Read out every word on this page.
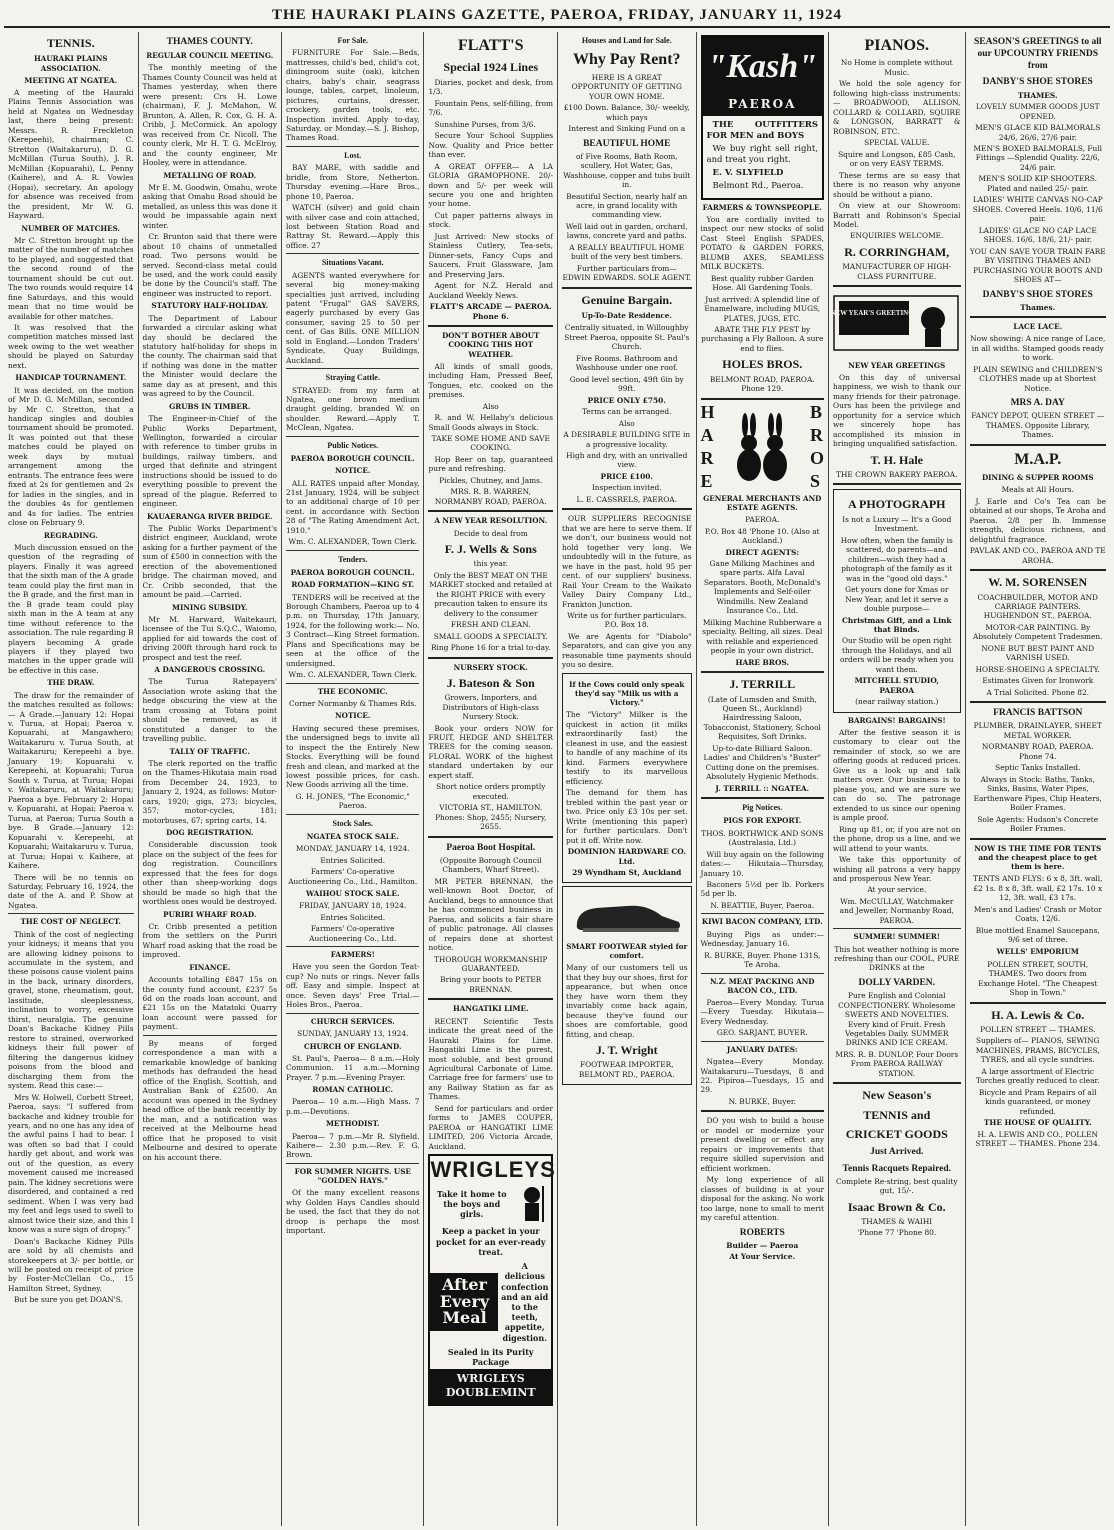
THE HAURAKI PLAINS GAZETTE, PAEROA, FRIDAY, JANUARY 11, 1924
TENNIS.
HAURAKI PLAINS ASSOCIATION.
MEETING AT NGATEA.

A meeting of the Hauraki Plains Tennis Association was held at Ngatea on Wednesday last, there being present: Messrs. R. Freckleton (Kerepeehi), chairman; C. Stretton (Waitakaruru), D. G. McMillan (Turua South), J. R. McMillan (Kopuarahi), L. Penny (Kaihere), and A. R. Vowles (Hopai), secretary. An apology for absence was received from the president, Mr W. G. Hayward.

NUMBER OF MATCHES.

Mr C. Stretton brought up the matter of the number of matches to be played, and suggested that the second round of the tournament should be cut out. The two rounds would require 14 fine Saturdays, and this would mean that no time would be available for other matches.

It was resolved that the competition matches missed last week owing to the wet weather should be played on Saturday next.

HANDICAP TOURNAMENT.

It was decided, on the motion of Mr D. G. McMillan, seconded by Mr C. Stretton, that a handicap singles and doubles tournament should be promoted. It was pointed out that these matches could be played on week days by mutual arrangement among the entrants. The entrance fees were fixed at 2s for gentlemen and 2s for ladies in the singles, and in the doubles 4s for gentlemen and 4s for ladies. The entries close on February 9.

REGRADING.

Much discussion ensued on the question of the regrading of players. Finally it was agreed that the sixth man of the A grade team could play the first man in the B grade, and the first man in the B grade team could play sixth man in the A team at any time without reference to the association. The rule regarding B players becoming A grade players if they played two matches in the upper grade will be effective in this case.

THE DRAW.

The draw for the remainder of the matches resulted as follows:— A Grade.—January 12: Hopai v. Turua, at Hopai; Paeroa v. Kopuarahi, at Mangawhero; Waitakaruru v. Turua South, at Waitakaruru; Kerepeehi a bye. January 19: Kopuarahi v. Kerepeehi, at Kopuarahi; Turua South v. Turua, at Turua; Hopai v. Waitakaruru, at Waitakaruru; Paeroa a bye. February 2: Hopai v. Kopuarahi, at Hopai; Paeroa v. Turua, at Paeroa; Turua South a bye. B Grade.—January 12: Kopuarahi v. Kerepeehi, at Kopuarahi; Waitakaruru v. Turua, at Turua; Hopai v. Kaihere, at Kaihere.

There will be no tennis on Saturday, February 16, 1924, the date of the A. and P. Show at Ngatea.

THE COST OF NEGLECT.

Think of the cost of neglecting your kidneys; it means that you are allowing kidney poisons to accumulate in the system, and these poisons cause violent pains in the back, urinary disorders, gravel, stone, rheumatism, gout, lassitude, sleeplessness, inclination to worry, excessive thirst, neuralgia. The genuine Doan's Backache Kidney Pills restore to strained, overworked kidneys their full power of filtering the dangerous kidney poisons from the blood and discharging them from the system. Read this case:—

Mrs W. Holwell, Corbett Street, Paeroa, says: "I suffered from backache and kidney trouble for years, and no one has any idea of the awful pains I had to bear. I was often so bad that I could hardly get about, and work was out of the question, as every movement caused me increased pain. The kidney secretions were disordered, and contained a red sediment. When I was very bad my feet and legs used to swell to almost twice their size, and this I know was a sure sign of dropsy."

Doan's Backache Kidney Pills are sold by all chemists and storekeepers at 3/- per bottle, or will be posted on receipt of price by Foster-McClellan Co., 15 Hamilton Street, Sydney.

But be sure you get DOAN'S.

THAMES COUNTY.
REGULAR COUNCIL MEETING.

The monthly meeting of the Thames County Council was held at Thames yesterday, when there were present: Crs H. Lowe (chairman), F. J. McMahon, W. Brunton, A. Allen, R. Cox, G. H. A. Cribb, J. McCormick. An apology was received from Cr. Nicoll. The county clerk, Mr H. T. G. McElroy, and the county engineer, Mr Hooley, were in attendance.

METALLING OF ROAD.

Mr E. M. Goodwin, Omahu, wrote asking that Omahu Road should be metalled, as unless this was done it would be impassable again next winter.

Cr. Brunton said that there were about 10 chains of unmetalled road. Two persons would be served. Second-class metal could be used, and the work could easily be done by the Council's staff. The engineer was instructed to report.

STATUTORY HALF-HOLIDAY.

The Department of Labour forwarded a circular asking what day should be declared the statutory half-holiday for shops in the county. The chairman said that if nothing was done in the matter the Minister would declare the same day as at present, and this was agreed to by the Council.

GRUBS IN TIMBER.

The Engineer-in-Chief of the Public Works Department, Wellington, forwarded a circular with reference to timber grubs in buildings, railway timbers, and urged that definite and stringent instructions should be issued to do everything possible to prevent the spread of the plague. Referred to engineer.

KAUAERANGA RIVER BRIDGE.

The Public Works Department's district engineer, Auckland, wrote asking for a further payment of the sum of £500 in connection with the erection of the abovementioned bridge. The chairman moved, and Cr. Cribb seconded, that the amount be paid.—Carried.

MINING SUBSIDY.

Mr M. Harward, Waitekauri, licensee of the Tui S.Q.C., Waiomo, applied for aid towards the cost of driving 200ft through hard rock to prospect and test the reef.

A DANGEROUS CROSSING.

The Turua Ratepayers' Association wrote asking that the hedge obscuring the view at the tram crossing at Totara point should be removed, as it constituted a danger to the travelling public.

TALLY OF TRAFFIC.

The clerk reported on the traffic on the Thames-Hikutaia main road from December 24, 1923, to January 2, 1924, as follows: Motor-cars, 1920; gigs, 273; bicycles, 357; motor-cycles, 181; motorbuses, 67; spring carts, 14.

DOG REGISTRATION.

Considerable discussion took place on the subject of the fees for dog registration. Councillors expressed that the fees for dogs other than sheep-working dogs should be made so high that the worthless ones would be destroyed.

PURIRI WHARF ROAD.

Cr. Cribb presented a petition from the settlers on the Puriri Wharf road asking that the road be improved.

FINANCE.

Accounts totalling £847 15s on the county fund account, £237 5s 6d on the roads loan account, and £21 15s on the Matatoki Quarry loan account were passed for payment.

By means of forged correspondence a man with a remarkable knowledge of banking methods has defrauded the head office of the English, Scottish, and Australian Bank of £2500. An account was opened in the Sydney head office of the bank recently by the man, and a notification was received at the Melbourne head office that he proposed to visit Melbourne and desired to operate on his account there.

For Sale.

FURNITURE For Sale.—Beds, mattresses, child's bed, child's cot, diningroom suite (oak), kitchen chairs, baby's chair, seagrass lounge, tables, carpet, linoleum, pictures, curtains, dresser, crockery, garden tools, etc. Inspection invited. Apply to-day, Saturday, or Monday.—S. J. Bishop, Thames Road.

Lost.

BAY MARE, with saddle and bridle, from Store, Netherton. Thursday evening.—Hare Bros., phone 10, Paeroa.

WATCH (silver) and gold chain with silver case and coin attached, lost between Station Road and Rattray St. Reward.—Apply this office. 27

Situations Vacant.

AGENTS wanted everywhere for several big money-making specialties just arrived, including patent "Frugal" GAS SAVERS, eagerly purchased by every Gas consumer, saving 25 to 50 per cent. of Gas Bills. ONE MILLION sold in England.—London Traders' Syndicate, Quay Buildings, Auckland.

Straying Cattle.

STRAYED: from my farm at Ngatea, one brown medium draught gelding, branded W. on shoulder. Reward.—Apply T. McClean, Ngatea.

Public Notices.
PAEROA BOROUGH COUNCIL.
NOTICE.

ALL RATES unpaid after Monday, 21st January, 1924, will be subject to an additional charge of 10 per cent. in accordance with Section 28 of "The Rating Amendment Act, 1910."

Wm. C. ALEXANDER, Town Clerk.

Tenders.
PAEROA BOROUGH COUNCIL.
ROAD FORMATION—KING ST.

TENDERS will be received at the Borough Chambers, Paeroa up to 4 p.m. on Thursday, 17th January, 1924, for the following work:— No. 3 Contract—King Street formation. Plans and Specifications may be seen at the office of the undersigned.

Wm. C. ALEXANDER, Town Clerk.

THE ECONOMIC.

Corner Normanby & Thames Rds.

NOTICE.

Having secured these premises, the undersigned begs to invite all to inspect the the Entirely New Stocks. Everything will be found fresh and clean, and marked at the lowest possible prices, for cash. New Goods arriving all the time.

G. H. JONES, "The Economic," Paeroa.

Stock Sales.
NGATEA STOCK SALE.

MONDAY, JANUARY 14, 1924.

Entries Solicited.

Farmers' Co-operative Auctioneering Co., Ltd., Hamilton.

WAIHOU STOCK SALE.

FRIDAY, JANUARY 18, 1924.

Entries Solicited.

Farmers' Co-operative Auctioneering Co., Ltd.

FARMERS!

Have you seen the Gordon Teat-cup? No nuts or rings. Never falls off. Easy and simple. Inspect at once. Seven days' Free Trial.—Holes Bros., Paeroa.

CHURCH SERVICES.

SUNDAY, JANUARY 13, 1924.

CHURCH OF ENGLAND.

St. Paul's, Paeroa— 8 a.m.—Holy Communion. 11 a.m.—Morning Prayer. 7 p.m.—Evening Prayer.

ROMAN CATHOLIC.

Paeroa— 10 a.m.—High Mass. 7 p.m.—Devotions.

METHODIST.

Paeroa— 7 p.m.—Mr R. Slyfield. Kaihere— 2.30 p.m.—Rev. F. G. Brown.

FOR SUMMER NIGHTS. USE "GOLDEN HAYS."

Of the many excellent reasons why Golden Hays Candles should be used, the fact that they do not droop is perhaps the most important.

FLATT'S
Special 1924 Lines

Diaries, pocket and desk, from 1/3.

Fountain Pens, self-filling, from 7/6.

Sunshine Purses, from 3/6.

Secure Your School Supplies Now. Quality and Price better than ever.

A GREAT OFFER— A LA GLORIA GRAMOPHONE. 20/- down and 5/- per week will secure you one and brighten your home.

Cut paper patterns always in stock.

Just Arrived: New stocks of Stainless Cutlery, Tea-sets, Dinner-sets, Fancy Cups and Saucers, Fruit Glassware, Jam and Preserving Jars.

Agent for N.Z. Herald and Auckland Weekly News.

FLATT'S ARCADE — PAEROA. Phone 6.

DON'T BOTHER ABOUT COOKING THIS HOT WEATHER.

All kinds of small goods, including Ham, Pressed Beef, Tongues, etc. cooked on the premises.

Also

R. and W. Hellaby's delicious Small Goods always in Stock.

TAKE SOME HOME AND SAVE COOKING.

Hop Beer on tap, guaranteed pure and refreshing.

Pickles, Chutney, and Jams.

MRS. R. B. WARREN, NORMANBY ROAD, PAEROA.

A NEW YEAR RESOLUTION.

Decide to deal from

F. J. Wells & Sons

this year.

Only the BEST MEAT ON THE MARKET stocked and retailed at the RIGHT PRICE with every precaution taken to ensure its delivery to the consumer

FRESH AND CLEAN.

SMALL GOODS A SPECIALTY.

Ring Phone 16 for a trial to-day.

NURSERY STOCK.
J. Bateson & Son

Growers, Importers, and Distributors of High-class Nursery Stock.

Book your orders NOW for FRUIT, HEDGE AND SHELTER TREES for the coming season. FLORAL WORK of the highest standard undertaken by our expert staff.

Short notice orders promptly executed.

VICTORIA ST., HAMILTON. Phones: Shop, 2455; Nursery, 2655.

Paeroa Boot Hospital.

(Opposite Borough Council Chambers, Wharf Street).

MR PETER BRENNAN, the well-known Boot Doctor, of Auckland, begs to announce that he has commenced business in Paeroa, and solicits a fair share of public patronage. All classes of repairs done at shortest notice.

THOROUGH WORKMANSHIP GUARANTEED.

Bring your boots to PETER BRENNAN.

HANGATIKI LIME.

RECENT Scientific Tests indicate the great need of the Hauraki Plains for Lime. Hangatiki Lime is the purest, most soluble, and best ground Agricultural Carbonate of Lime. Carriage free for farmers' use to any Railway Station as far as Thames.

Send for particulars and order forms to JAMES COUPER, PAEROA or HANGATIKI LIME LIMITED, 206 Victoria Arcade, Auckland.

WRIGLEYS
Take it home to the boys and girls.
Keep a packet in your pocket for an ever-ready treat.
After Every Meal
A delicious confection and an aid to the teeth, appetite, digestion.
Sealed in its Purity Package
WRIGLEYS DOUBLEMINT
Houses and Land for Sale.
Why Pay Rent?

HERE IS A GREAT OPPORTUNITY OF GETTING YOUR OWN HOME.

£100 Down. Balance, 30/- weekly, which pays

Interest and Sinking Fund on a

BEAUTIFUL HOME

of Five Rooms, Bath Room, scullery, Hot Water, Gas, Washhouse, copper and tubs built in.

Beautiful Section, nearly half an acre, in grand locality with commanding view.

Well laid out in garden, orchard, lawns, concrete yard and paths.

A REALLY BEAUTIFUL HOME built of the very best timbers.

Further particulars from— EDWIN EDWARDS. SOLE AGENT.

Genuine Bargain.
Up-To-Date Residence.

Centrally situated, in Willoughby Street Paeroa, opposite St. Paul's Church.

Five Rooms. Bathroom and Washhouse under one roof.

Good level section, 49ft 6in by 99ft.

PRICE ONLY £750.

Terms can be arranged.

Also

A DESIRABLE BUILDING SITE in a progressive locality.

High and dry, with an unrivalled view.

PRICE £100.

Inspection invited.

L. E. CASSRELS, PAEROA.

OUR SUPPLIERS RECOGNISE that we are here to serve them. If we don't, our business would not hold together very long. We undoubtedly will in the future, as we have in the past, hold 95 per cent. of our suppliers' business. Rail Your Cream to the Waikato Valley Dairy Company Ltd., Frankton Junction.

Write us for further particulars. P.O. Box 18.

We are Agents for "Diabolo" Separators, and can give you any reasonable time payments should you so desire.

If the Cows could only speak they'd say "Milk us with a Victory."

The "Victory" Milker is the quickest in action (it milks extraordinarily fast) the cleanest in use, and the easiest to handle of any machine of its kind. Farmers everywhere testify to its marvellous efficiency.

The demand for them has trebled within the past year or two. Price only £3 10s per set. Write (mentioning this paper) for further particulars. Don't put it off. Write now.

DOMINION HARDWARE CO. Ltd.

29 Wyndham St, Auckland

SMART FOOTWEAR styled for comfort.

Many of our customers tell us that they buy our shoes, first for appearance, but when once they have worn them they invariably come back again, because they've found our shoes are comfortable, good fitting, and cheap.

J. T. Wright

FOOTWEAR IMPORTER, BELMONT RD., PAEROA.

"Kash"
PAEROA

THE OUTFITTERS FOR MEN and BOYS

We buy right sell right, and treat you right.

E. V. SLYFIELD

Belmont Rd., Paeroa.

FARMERS & TOWNSPEOPLE.

You are cordially invited to inspect our new stocks of solid Cast Steel English SPADES, POTATO & GARDEN FORKS, BLUMB AXES, SEAMLESS MILK BUCKETS.

Best quality rubber Garden Hose. All Gardening Tools.

Just arrived: A splendid line of Enamelware, including MUGS, PLATES, JUGS, ETC.

ABATE THE FLY PEST by purchasing a Fly Balloon. A sure end to flies.

HOLES BROS.

BELMONT ROAD, PAEROA. Phone 129.

H
A
R
E
B
R
O
S
GENERAL MERCHANTS AND ESTATE AGENTS.

PAEROA.

P.O. Box 48 'Phone 10. (Also at Auckland.)

DIRECT AGENTS:

Gane Milking Machines and spare parts. Alfa Laval Separators. Booth, McDonald's Implements and Self-oiler Windmills. New Zealand Insurance Co., Ltd.

Milking Machine Rubberware a specialty. Belting, all sizes. Deal with reliable and experienced people in your own district.

HARE BROS.

J. TERRILL

(Late of Lumsden and Smith, Queen St., Auckland) Hairdressing Saloon, Tobacconist, Stationery, School Requisites, Soft Drinks.

Up-to-date Billiard Saloon. Ladies' and Children's "Buster" Cutting done on the premises. Absolutely Hygienic Methods.

J. TERRILL :: NGATEA.

Pig Notices.
PIGS FOR EXPORT.

THOS. BORTHWICK AND SONS (Australasia, Ltd.)

Will buy again on the following dates:— Hikutaia—Thursday, January 10.

Baconers 5½d per lb. Porkers 5d per lb.

N. BEATTIE, Buyer, Paeroa.

KIWI BACON COMPANY, LTD.

Buying Pigs as under:— Wednesday, January 16.

R. BURKE, Buyer. Phone 131S, Te Aroha.

N.Z. MEAT PACKING AND BACON CO., LTD.

Paeroa—Every Monday. Turua—Every Tuesday. Hikutaia—Every Wednesday.

GEO. SARJANT, BUYER.

JANUARY DATES:

Ngatea—Every Monday. Waitakaruru—Tuesdays, 8 and 22. Pipiroa—Tuesdays, 15 and 29.

N. BURKE, Buyer.

DO you wish to build a house or model or modernize your present dwelling or effect any repairs or improvements that require skilled supervision and efficient workmen.

My long experience of all classes of building is at your disposal for the asking. No work too large, none to small to merit my careful attention.

ROBERTS

Builder — Paeroa

At Your Service.

PIANOS.

No Home is complete without Music.

We hold the sole agency for following high-class instruments:— BROADWOOD, ALLISON, COLLARD & COLLARD, SQUIRE & LONGSON, BARRATT & ROBINSON, ETC.

SPECIAL VALUE.

Squire and Longson, £85 Cash, or on very EASY TERMS.

These terms are so easy that there is no reason why anyone should be without a piano.

On view at our Showroom: Barratt and Robinson's Special Model.

ENQUIRIES WELCOME.

R. CORRINGHAM,

MANUFACTURER OF HIGH-CLASS FURNITURE.

NEW YEAR'S GREETINGS
NEW YEAR GREETINGS

On this day of universal happiness, we wish to thank our many friends for their patronage. Ours has been the privilege and opportunity for a service which we sincerely hope has accomplished its mission in bringing unqualified satisfaction.

T. H. Hale

THE CROWN BAKERY PAEROA.

A PHOTOGRAPH

Is not a Luxury — It's a Good Investment.

How often, when the family is scattered, do parents—and children—wish they had a photograph of the family as it was in the "good old days."

Get yours done for Xmas or New Year, and let it serve a double purpose—

Christmas Gift, and a Link that Binds.

Our Studio will be open right through the Holidays, and all orders will be ready when you want them.

MITCHELL STUDIO, PAEROA

(near railway station.)

BARGAINS! BARGAINS!

After the festive season it is customary to clear out the remainder of stock, so we are offering goods at reduced prices. Give us a look up and talk matters over. Our business is to please you, and we are sure we can do so. The patronage extended to us since our opening is ample proof.

Ring up 81, or, if you are not on the phone, drop us a line, and we will attend to your wants.

We take this opportunity of wishing all patrons a very happy and prosperous New Year.

At your service.

Wm. McCULLAY, Watchmaker and Jeweller, Normanby Road, PAEROA.

SUMMER! SUMMER!

This hot weather nothing is more refreshing than our COOL, PURE DRINKS at the

DOLLY VARDEN.

Pure English and Colonial CONFECTIONERY. Wholesome SWEETS AND NOVELTIES. Every kind of Fruit. Fresh Vegetables Daily. SUMMER DRINKS AND ICE CREAM.

MRS. R. B. DUNLOP, Four Doors From PAEROA RAILWAY STATION.

New Season's
TENNIS and
CRICKET GOODS
Just Arrived.
Tennis Racquets Repaired.

Complete Re-string, best quality gut, 15/-.

Isaac Brown & Co.

THAMES & WAIHI

'Phone 77 'Phone 80.

SEASON'S GREETINGS to all our UPCOUNTRY FRIENDS from
DANBY'S SHOE STORES

THAMES.

LOVELY SUMMER GOODS JUST OPENED.

MEN'S GLACE KID BALMORALS 24/6, 26/6, 27/6 pair.

MEN'S BOXED BALMORALS, Full Fittings —Splendid Quality. 22/6, 24/6 pair.

MEN'S SOLID KIP SHOOTERS. Plated and nailed 25/- pair.

LADIES' WHITE CANVAS NO-CAP SHOES. Covered Heels. 10/6, 11/6 pair.

LADIES' GLACE NO CAP LACE SHOES. 16/6, 18/6, 21/- pair.

YOU CAN SAVE YOUR TRAIN FARE BY VISITING THAMES AND PURCHASING YOUR BOOTS AND SHOES AT—

DANBY'S SHOE STORES

Thames.

LACE LACE.

Now showing: A nice range of Lace, in all widths. Stamped goods ready to work.

PLAIN SEWING and CHILDREN'S CLOTHES made up at Shortest Notice.

MRS A. DAY

FANCY DEPOT, QUEEN STREET — THAMES. Opposite Library, Thames.

M.A.P.
DINING & SUPPER ROOMS

Meals at All Hours.

J. Earle and Co's Tea can be obtained at our shops, Te Aroha and Paeroa. 2/8 per lb. Immense strength, delicious richness, and delightful fragrance.

PAVLAK AND CO., PAEROA AND TE AROHA.

W. M. SORENSEN

COACHBUILDER, MOTOR AND CARRIAGE PAINTERS. HUGHENDON ST., PAEROA.

MOTOR-CAR PAINTING. By Absolutely Competent Tradesmen.

NONE BUT BEST PAINT AND VARNISH USED.

HORSE-SHOEING A SPECIALTY.

Estimates Given for Ironwork

A Trial Solicited. Phone 82.

FRANCIS BATTSON

PLUMBER, DRAINLAYER, SHEET METAL WORKER.

NORMANBY ROAD, PAEROA. Phone 74.

Septic Tanks Installed.

Always in Stock: Baths, Tanks, Sinks, Basins, Water Pipes, Earthenware Pipes, Chip Heaters, Boiler Frames.

Sole Agents: Hudson's Concrete Boiler Frames.

NOW IS THE TIME FOR TENTS and the cheapest place to get them is here.

TENTS AND FLYS: 6 x 8, 3ft. wall, £2 1s. 8 x 8, 3ft. wall, £2 17s. 10 x 12, 3ft. wall, £3 17s.

Men's and Ladies' Crash or Motor Coats, 12/6.

Blue mottled Enamel Saucepans, 9/6 set of three.

WELLS' EMPORIUM

POLLEN STREET, SOUTH, THAMES. Two doors from Exchange Hotel. "The Cheapest Shop in Town."

H. A. Lewis & Co.

POLLEN STREET — THAMES.

Suppliers of— PIANOS, SEWING MACHINES, PRAMS, BICYCLES, TYRES, and all cycle sundries.

A large assortment of Electric Torches greatly reduced to clear.

Bicycle and Pram Repairs of all kinds guaranteed, or money refunded.

THE HOUSE OF QUALITY.

H. A. LEWIS AND CO., POLLEN STREET — THAMES. Phone 234.
